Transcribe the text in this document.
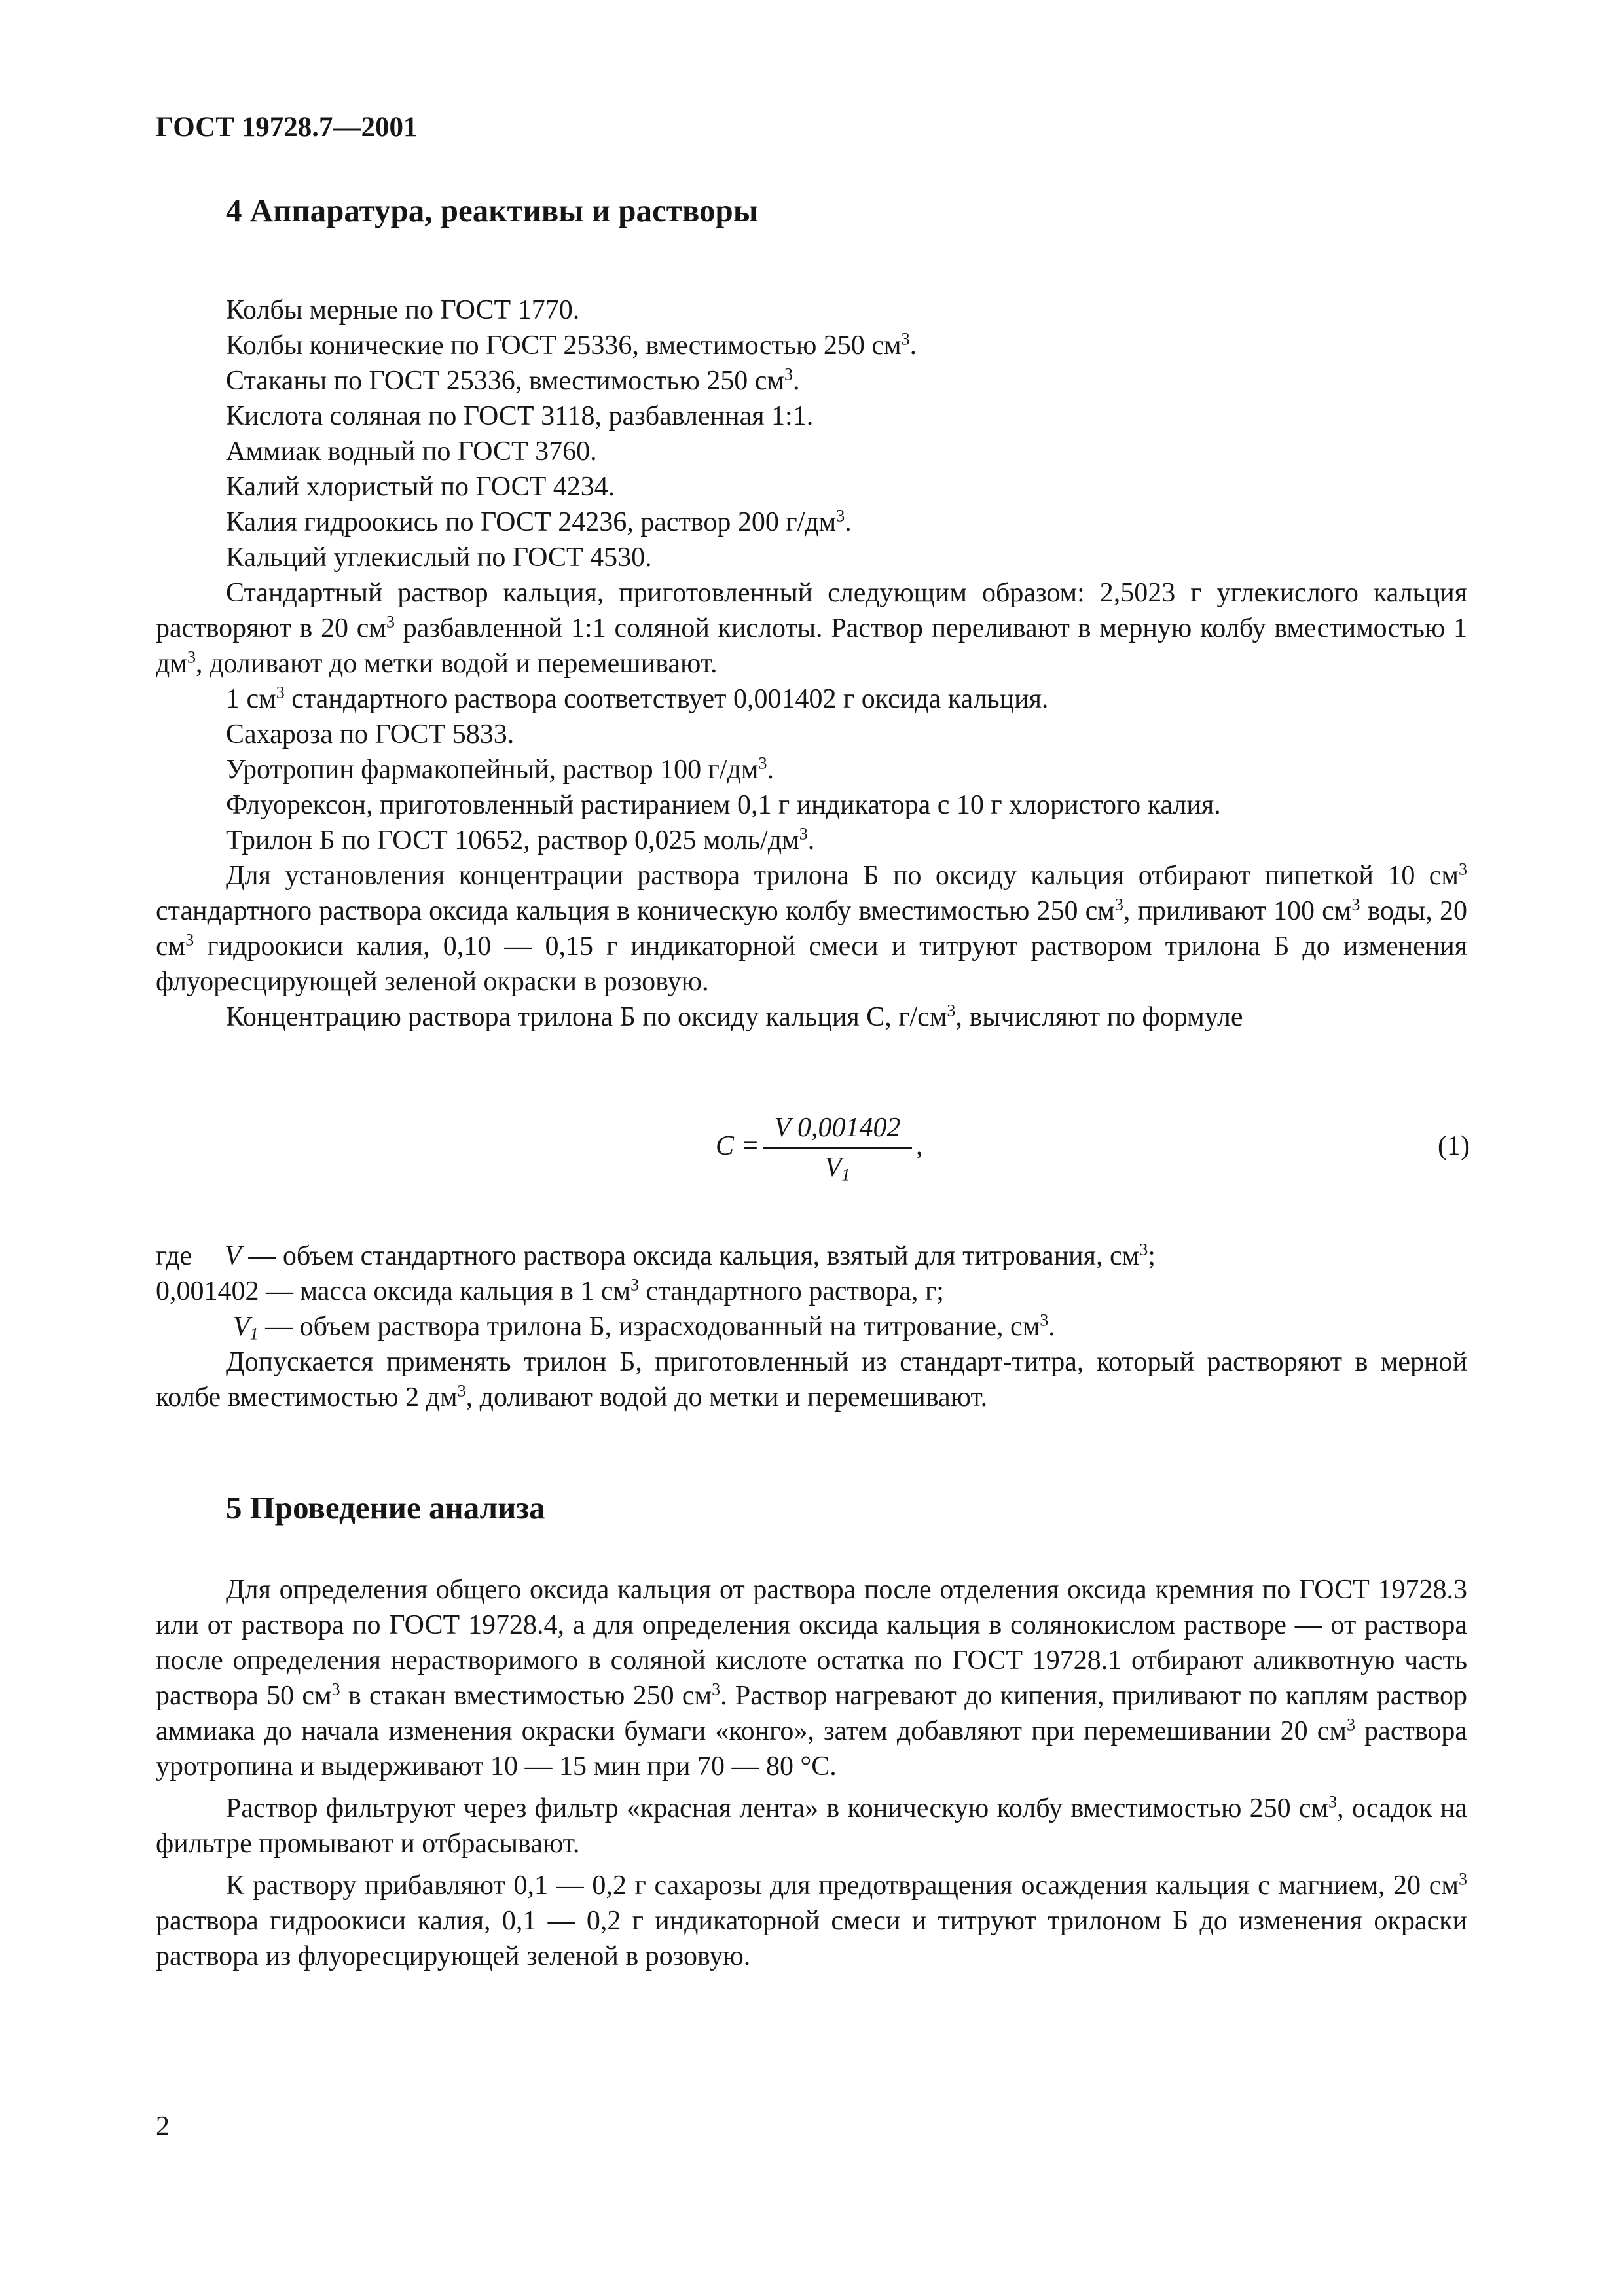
ГОСТ 19728.7—2001
4 Аппаратура, реактивы и растворы

Колбы мерные по ГОСТ 1770.

Колбы конические по ГОСТ 25336, вместимостью 250 $см^3$.

Стаканы по ГОСТ 25336, вместимостью 250 $см^3$.

Кислота соляная по ГОСТ 3118, разбавленная 1:1.

Аммиак водный по ГОСТ 3760.

Калий хлористый по ГОСТ 4234.

Калия гидроокись по ГОСТ 24236, раствор 200 $г/дм^3$.

Кальций углекислый по ГОСТ 4530.

Стандартный раствор кальция, приготовленный следующим образом: 2,5023 г углекислого кальция растворяют в 20 $см^3$ разбавленной 1:1 соляной кислоты. Раствор переливают в мерную колбу вместимостью 1 $дм^3$, доливают до метки водой и перемешивают.

1 $см^3$ стандартного раствора соответствует 0,001402 г оксида кальция.

Сахароза по ГОСТ 5833.

Уротропин фармакопейный, раствор 100 $г/дм^3$.

Флуорексон, приготовленный растиранием 0,1 г индикатора с 10 г хлористого калия.

Трилон Б по ГОСТ 10652, раствор 0,025 моль/$дм^3$.

Для установления концентрации раствора трилона Б по оксиду кальция отбирают пипеткой 10 $см^3$ стандартного раствора оксида кальция в коническую колбу вместимостью 250 $см^3$, приливают 100 $см^3$ воды, 20 $см^3$ гидроокиси калия, 0,10 — 0,15 г индикаторной смеси и титруют раствором трилона Б до изменения флуоресцирующей зеленой окраски в розовую.

Концентрацию раствора трилона Б по оксиду кальция C, $г/см^3$, вычисляют по формуле

$C = \frac{V 0,001402}{V_1}$ ,	(1)

где V — объем стандартного раствора оксида кальция, взятый для титрования, $см^3$;

0,001402 — масса оксида кальция в 1 $см^3$ стандартного раствора, г;

$V_1$ — объем раствора трилона Б, израсходованный на титрование, $см^3$.

Допускается применять трилон Б, приготовленный из стандарт-титра, который растворяют в мерной колбе вместимостью 2 $дм^3$, доливают водой до метки и перемешивают.

5 Проведение анализа

Для определения общего оксида кальция от раствора после отделения оксида кремния по ГОСТ 19728.3 или от раствора по ГОСТ 19728.4, а для определения оксида кальция в солянокислом растворе — от раствора после определения нерастворимого в соляной кислоте остатка по ГОСТ 19728.1 отбирают аликвотную часть раствора 50 $см^3$ в стакан вместимостью 250 $см^3$. Раствор нагревают до кипения, приливают по каплям раствор аммиака до начала изменения окраски бумаги «конго», затем добавляют при перемешивании 20 $см^3$ раствора уротропина и выдерживают 10 — 15 мин при 70 — 80 °С.

Раствор фильтруют через фильтр «красная лента» в коническую колбу вместимостью 250 $см^3$, осадок на фильтре промывают и отбрасывают.

К раствору прибавляют 0,1 — 0,2 г сахарозы для предотвращения осаждения кальция с магнием, 20 $см^3$ раствора гидроокиси калия, 0,1 — 0,2 г индикаторной смеси и титруют трилоном Б до изменения окраски раствора из флуоресцирующей зеленой в розовую.

2
